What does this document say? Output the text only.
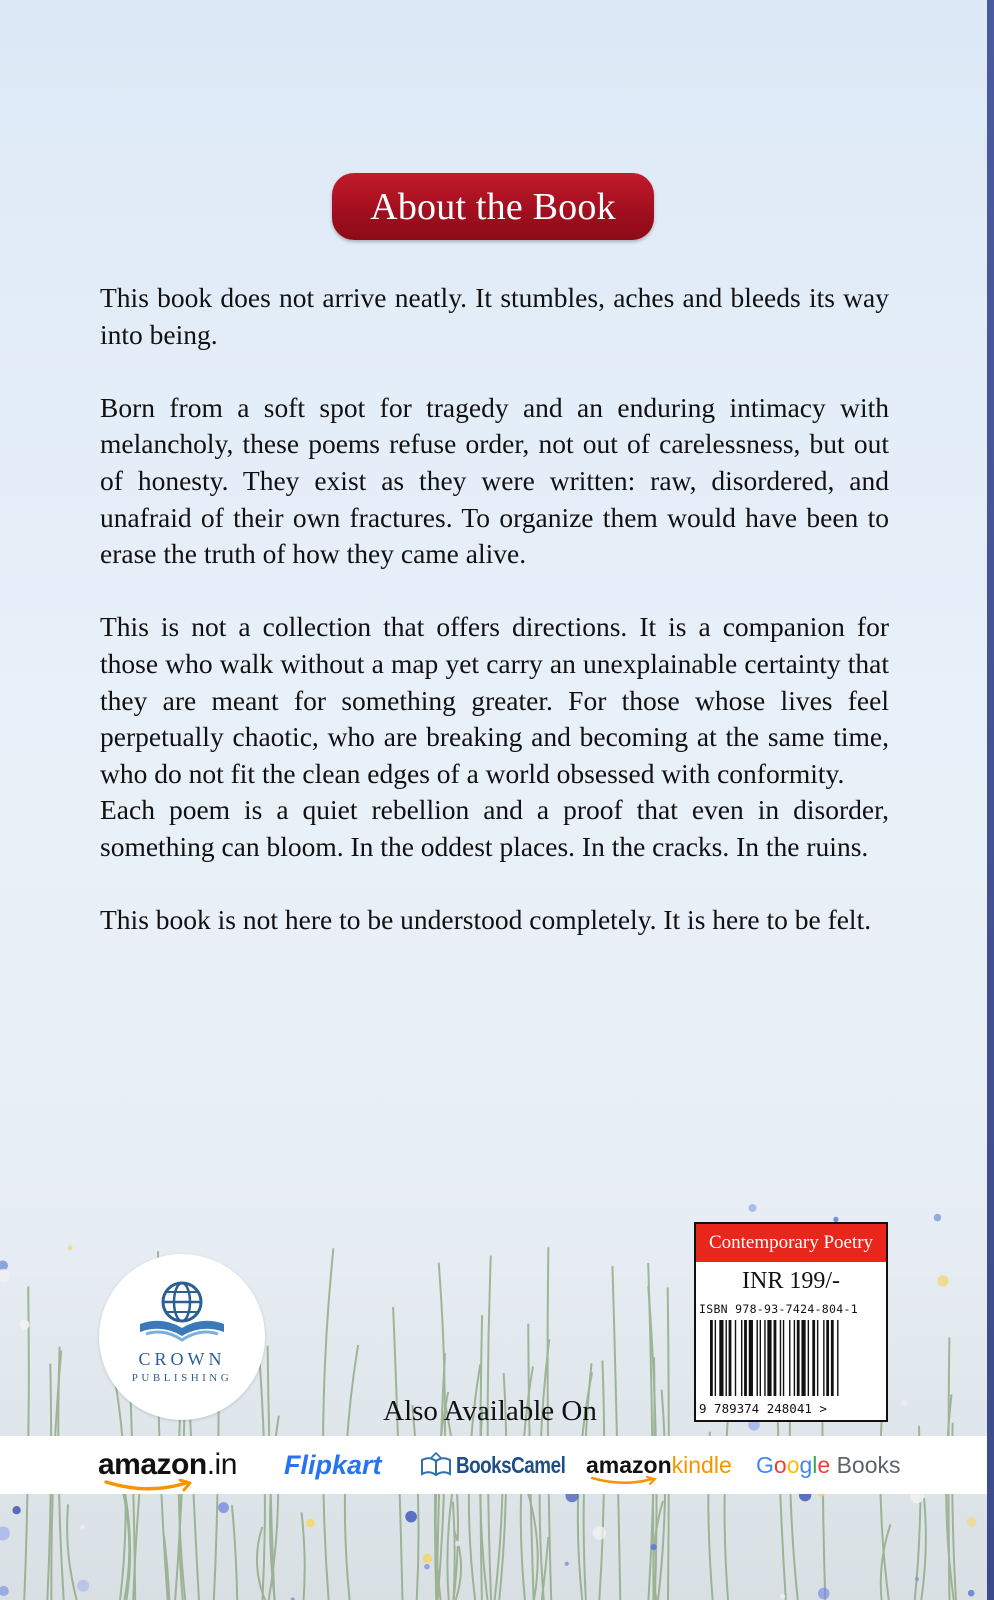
About the Book

This book does not arrive neatly. It stumbles, aches and bleeds its way into being.

Born from a soft spot for tragedy and an enduring intimacy with melancholy, these poems refuse order, not out of carelessness, but out of honesty. They exist as they were written: raw, disordered, and unafraid of their own fractures. To organize them would have been to erase the truth of how they came alive.

This is not a collection that offers directions. It is a companion for those who walk without a map yet carry an unexplainable certainty that they are meant for something greater. For those whose lives feel perpetually chaotic, who are breaking and becoming at the same time, who do not fit the clean edges of a world obsessed with conformity.

Each poem is a quiet rebellion and a proof that even in disorder, something can bloom. In the oddest places. In the cracks. In the ruins.

This book is not here to be understood completely. It is here to be felt.

CROWN
PUBLISHING
Also Available On
amazon.in Flipkart	BooksCamel amazonkindle Google Books
Contemporary Poetry
INR 199/-
ISBN 978-93-7424-804-1
9 789374 248041 >
